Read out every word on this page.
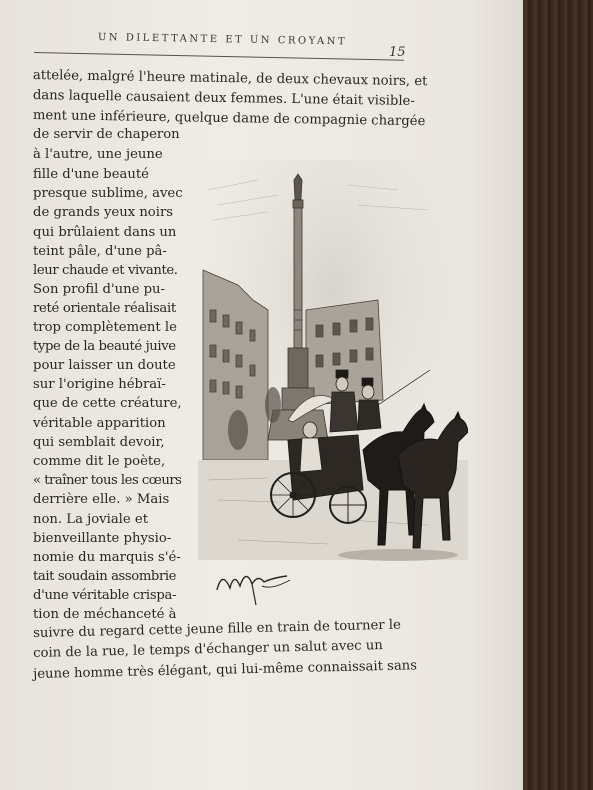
UN DILETTANTE ET UN CROYANT
15
attelée, malgré l'heure matinale, de deux chevaux noirs, et
dans laquelle causaient deux femmes. L'une était visible-
ment une inférieure, quelque dame de compagnie chargée
de servir de chaperon
à l'autre, une jeune
fille d'une beauté
presque sublime, avec
de grands yeux noirs
qui brûlaient dans un
teint pâle, d'une pâ-
leur chaude et vivante.
Son profil d'une pu-
reté orientale réalisait
trop complètement le
type de la beauté juive
pour laisser un doute
sur l'origine hébraï-
que de cette créature,
véritable apparition
qui semblait devoir,
comme dit le poète,
« traîner tous les cœurs
derrière elle. » Mais
non. La joviale et
bienveillante physio-
nomie du marquis s'é-
tait soudain assombrie
d'une véritable crispa-
tion de méchanceté à
suivre du regard cette jeune fille en train de tourner le
coin de la rue, le temps d'échanger un salut avec un
jeune homme très élégant, qui lui-même connaissait sans
